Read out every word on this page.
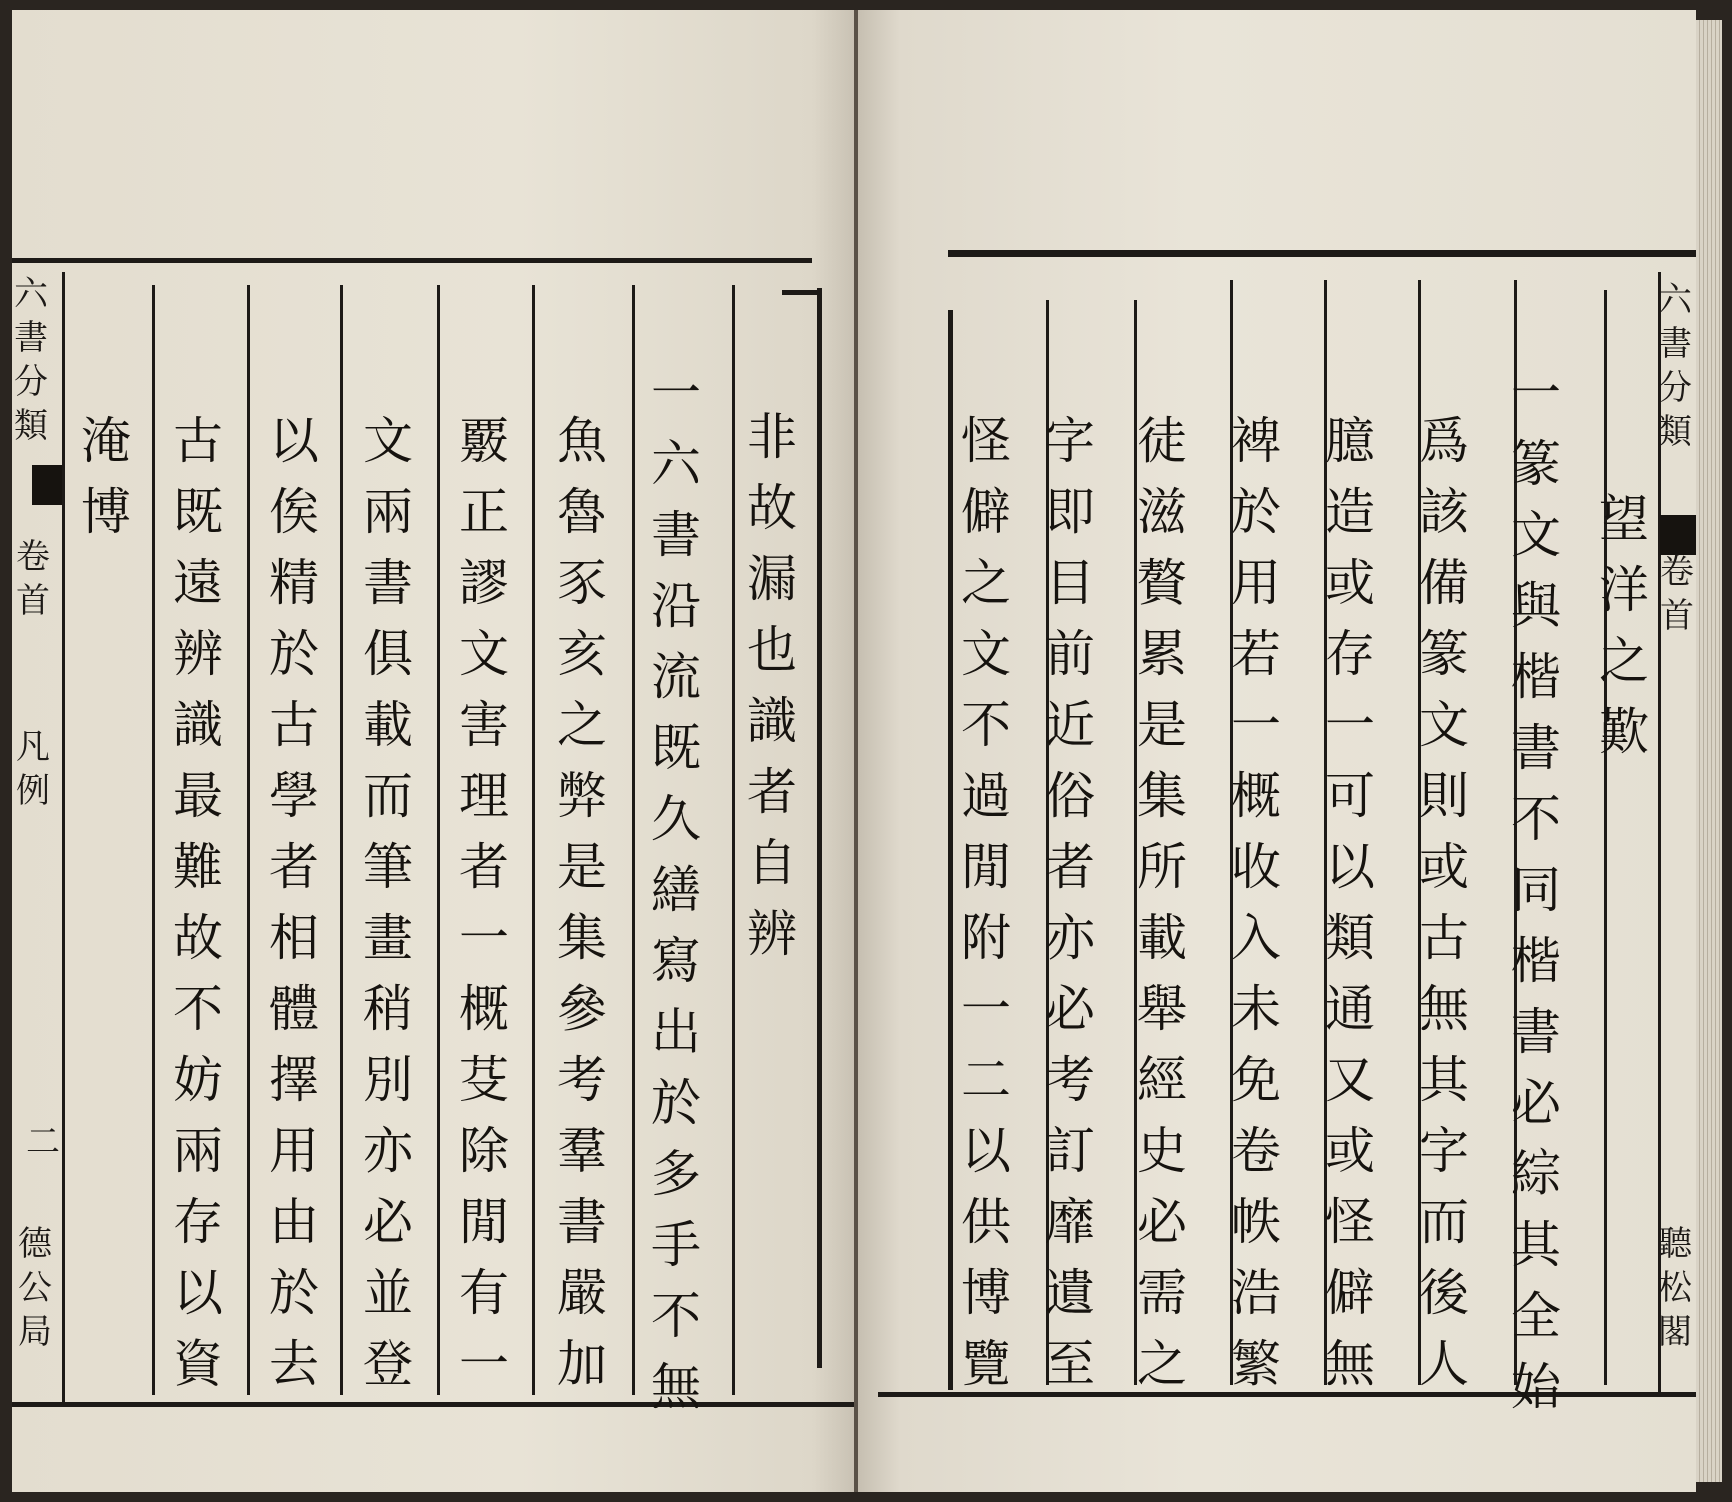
六
書
分
類
卷
首
凡
例
二
德
公
局
非
故
漏
也
識
者
自
辨
一
六
書
沿
流
既
久
繕
寫
出
於
多
手
不
無
魚
魯
豕
亥
之
弊
是
集
參
考
羣
書
嚴
加
覈
正
謬
文
害
理
者
一
概
芟
除
閒
有
一
文
兩
書
俱
載
而
筆
畫
稍
別
亦
必
並
登
以
俟
精
於
古
學
者
相
體
擇
用
由
於
去
古
既
遠
辨
識
最
難
故
不
妨
兩
存
以
資
淹
博
六
書
分
類
卷
首
聽
松
閣
望
洋
之
歎
一
篆
文
與
楷
書
不
同
楷
書
必
綜
其
全
始
爲
該
備
篆
文
則
或
古
無
其
字
而
後
人
臆
造
或
存
一
可
以
類
通
又
或
怪
僻
無
裨
於
用
若
一
概
收
入
未
免
卷
帙
浩
繁
徒
滋
贅
累
是
集
所
載
舉
經
史
必
需
之
字
即
目
前
近
俗
者
亦
必
考
訂
靡
遺
至
怪
僻
之
文
不
過
閒
附
一
二
以
供
博
覽
